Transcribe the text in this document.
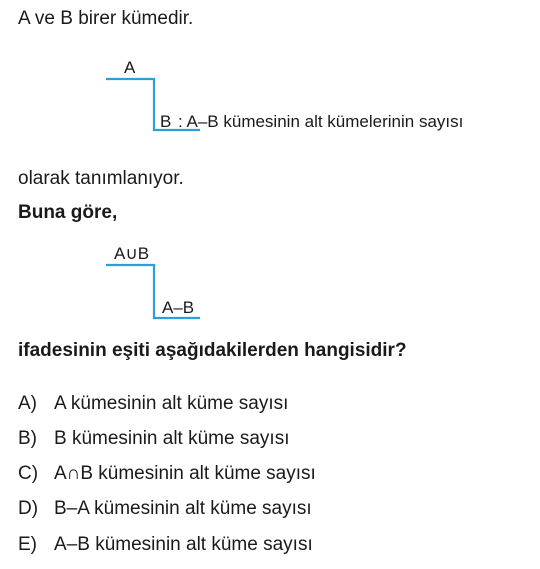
A ve B birer kümedir.
A
B : A–B kümesinin alt kümelerinin sayısı
olarak tanımlanıyor.
Buna göre,
A∪B
A–B
ifadesinin eşiti aşağıdakilerden hangisidir?
A) A kümesinin alt küme sayısı
B) B kümesinin alt küme sayısı
C) A∩B kümesinin alt küme sayısı
D) B–A kümesinin alt küme sayısı
E) A–B kümesinin alt küme sayısı
